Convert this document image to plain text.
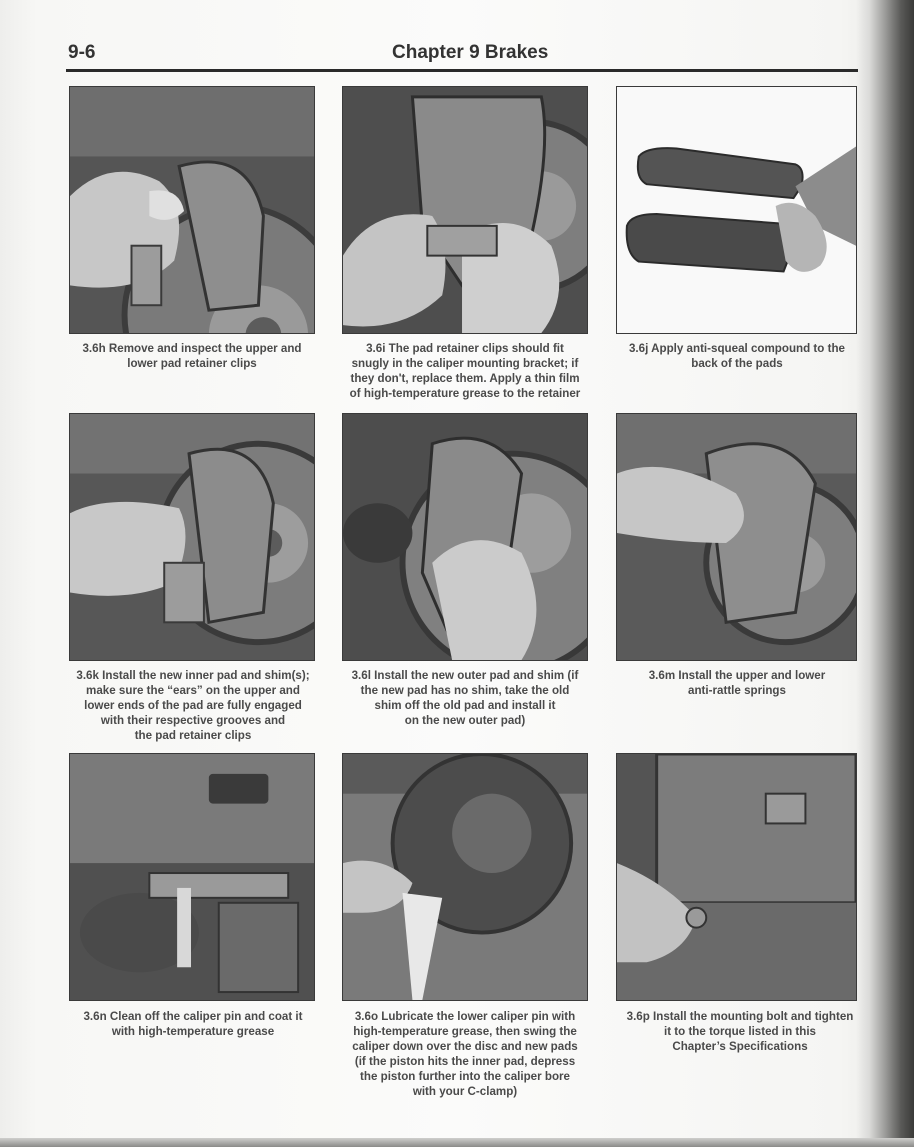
9-6	Chapter 9 Brakes
3.6h Remove and inspect the upper and
lower pad retainer clips
3.6i The pad retainer clips should fit
snugly in the caliper mounting bracket; if
they don't, replace them. Apply a thin film
of high-temperature grease to the retainer
3.6j Apply anti-squeal compound to the
back of the pads
3.6k Install the new inner pad and shim(s);
make sure the “ears” on the upper and
lower ends of the pad are fully engaged
with their respective grooves and
the pad retainer clips
3.6l Install the new outer pad and shim (if
the new pad has no shim, take the old
shim off the old pad and install it
on the new outer pad)
3.6m Install the upper and lower
anti-rattle springs
3.6n Clean off the caliper pin and coat it
with high-temperature grease
3.6o Lubricate the lower caliper pin with
high-temperature grease, then swing the
caliper down over the disc and new pads
(if the piston hits the inner pad, depress
the piston further into the caliper bore
with your C-clamp)
3.6p Install the mounting bolt and tighten
it to the torque listed in this
Chapter’s Specifications
